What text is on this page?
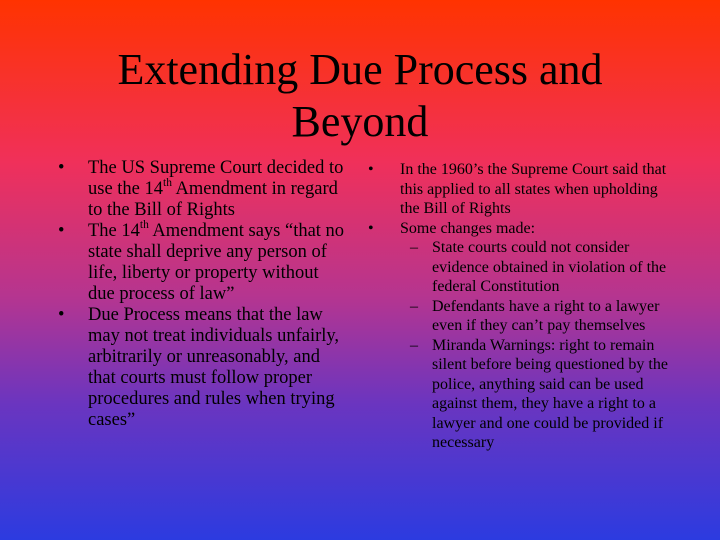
Extending Due Process and
Beyond
• The US Supreme Court decided to use the 14th Amendment in regard to the Bill of Rights
• The 14th Amendment says “that no state shall deprive any person of life, liberty or property without due process of law”
• Due Process means that the law may not treat individuals unfairly, arbitrarily or unreasonably, and that courts must follow proper procedures and rules when trying cases”
• In the 1960’s the Supreme Court said that this applied to all states when upholding the Bill of Rights
• Some changes made:
– State courts could not consider evidence obtained in violation of the federal Constitution
– Defendants have a right to a lawyer even if they can’t pay themselves
– Miranda Warnings: right to remain silent before being questioned by the police, anything said can be used against them, they have a right to a lawyer and one could be provided if necessary
